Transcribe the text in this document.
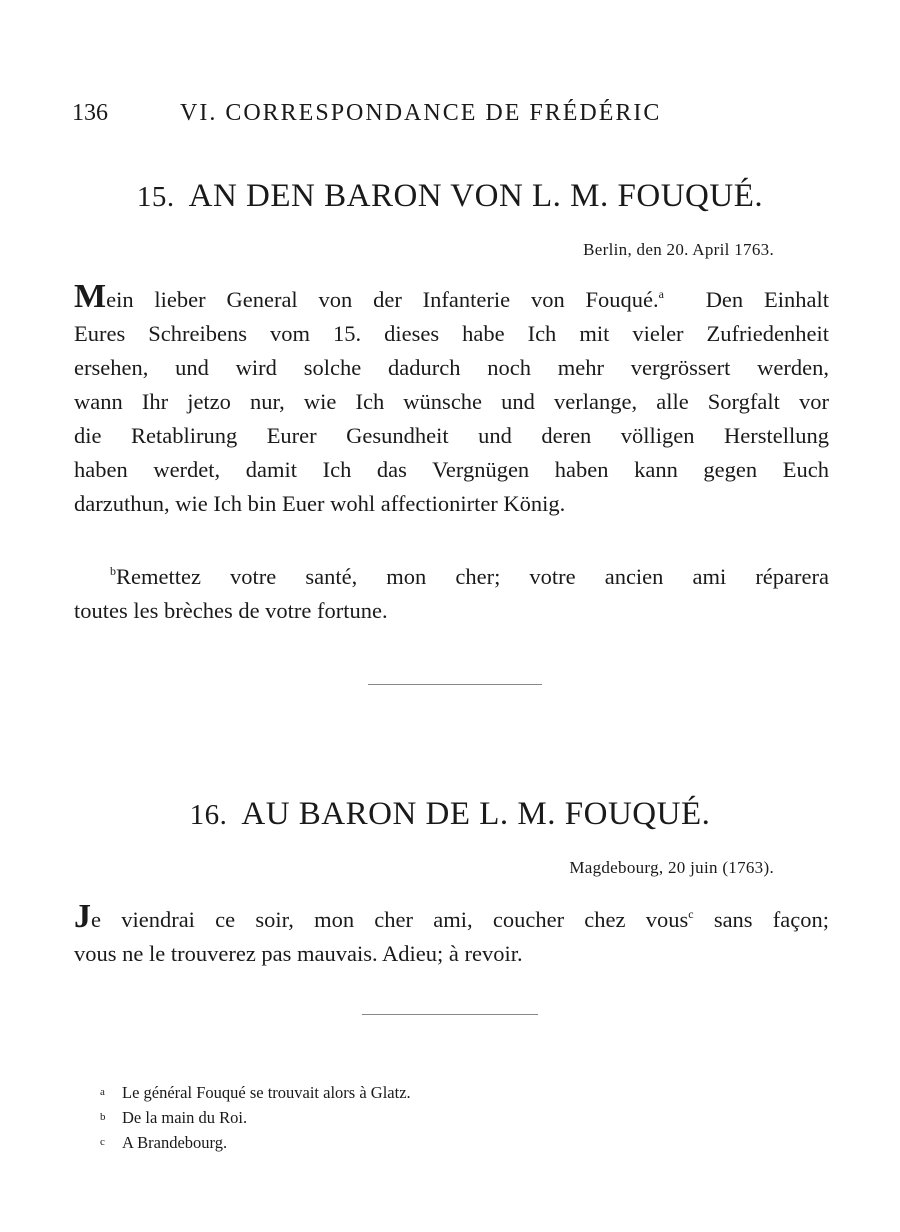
136	VI. CORRESPONDANCE DE FRÉDÉRIC
15. AN DEN BARON VON L. M. FOUQUÉ.
Berlin, den 20. April 1763.
Mein lieber General von der Infanterie von Fouqué.$^a$ Den Einhalt
Eures Schreibens vom 15. dieses habe Ich mit vieler Zufriedenheit
ersehen, und wird solche dadurch noch mehr vergrössert werden,
wann Ihr jetzo nur, wie Ich wünsche und verlange, alle Sorgfalt vor
die Retablirung Eurer Gesundheit und deren völligen Herstellung
haben werdet, damit Ich das Vergnügen haben kann gegen Euch
darzuthun, wie Ich bin Euer wohl affectionirter König.
$^b$Remettez votre santé, mon cher; votre ancien ami réparera
toutes les brèches de votre fortune.
16. AU BARON DE L. M. FOUQUÉ.
Magdebourg, 20 juin (1763).
Je viendrai ce soir, mon cher ami, coucher chez vous$^c$ sans façon;
vous ne le trouverez pas mauvais. Adieu; à revoir.
a Le général Fouqué se trouvait alors à Glatz.
b De la main du Roi.
c A Brandebourg.
